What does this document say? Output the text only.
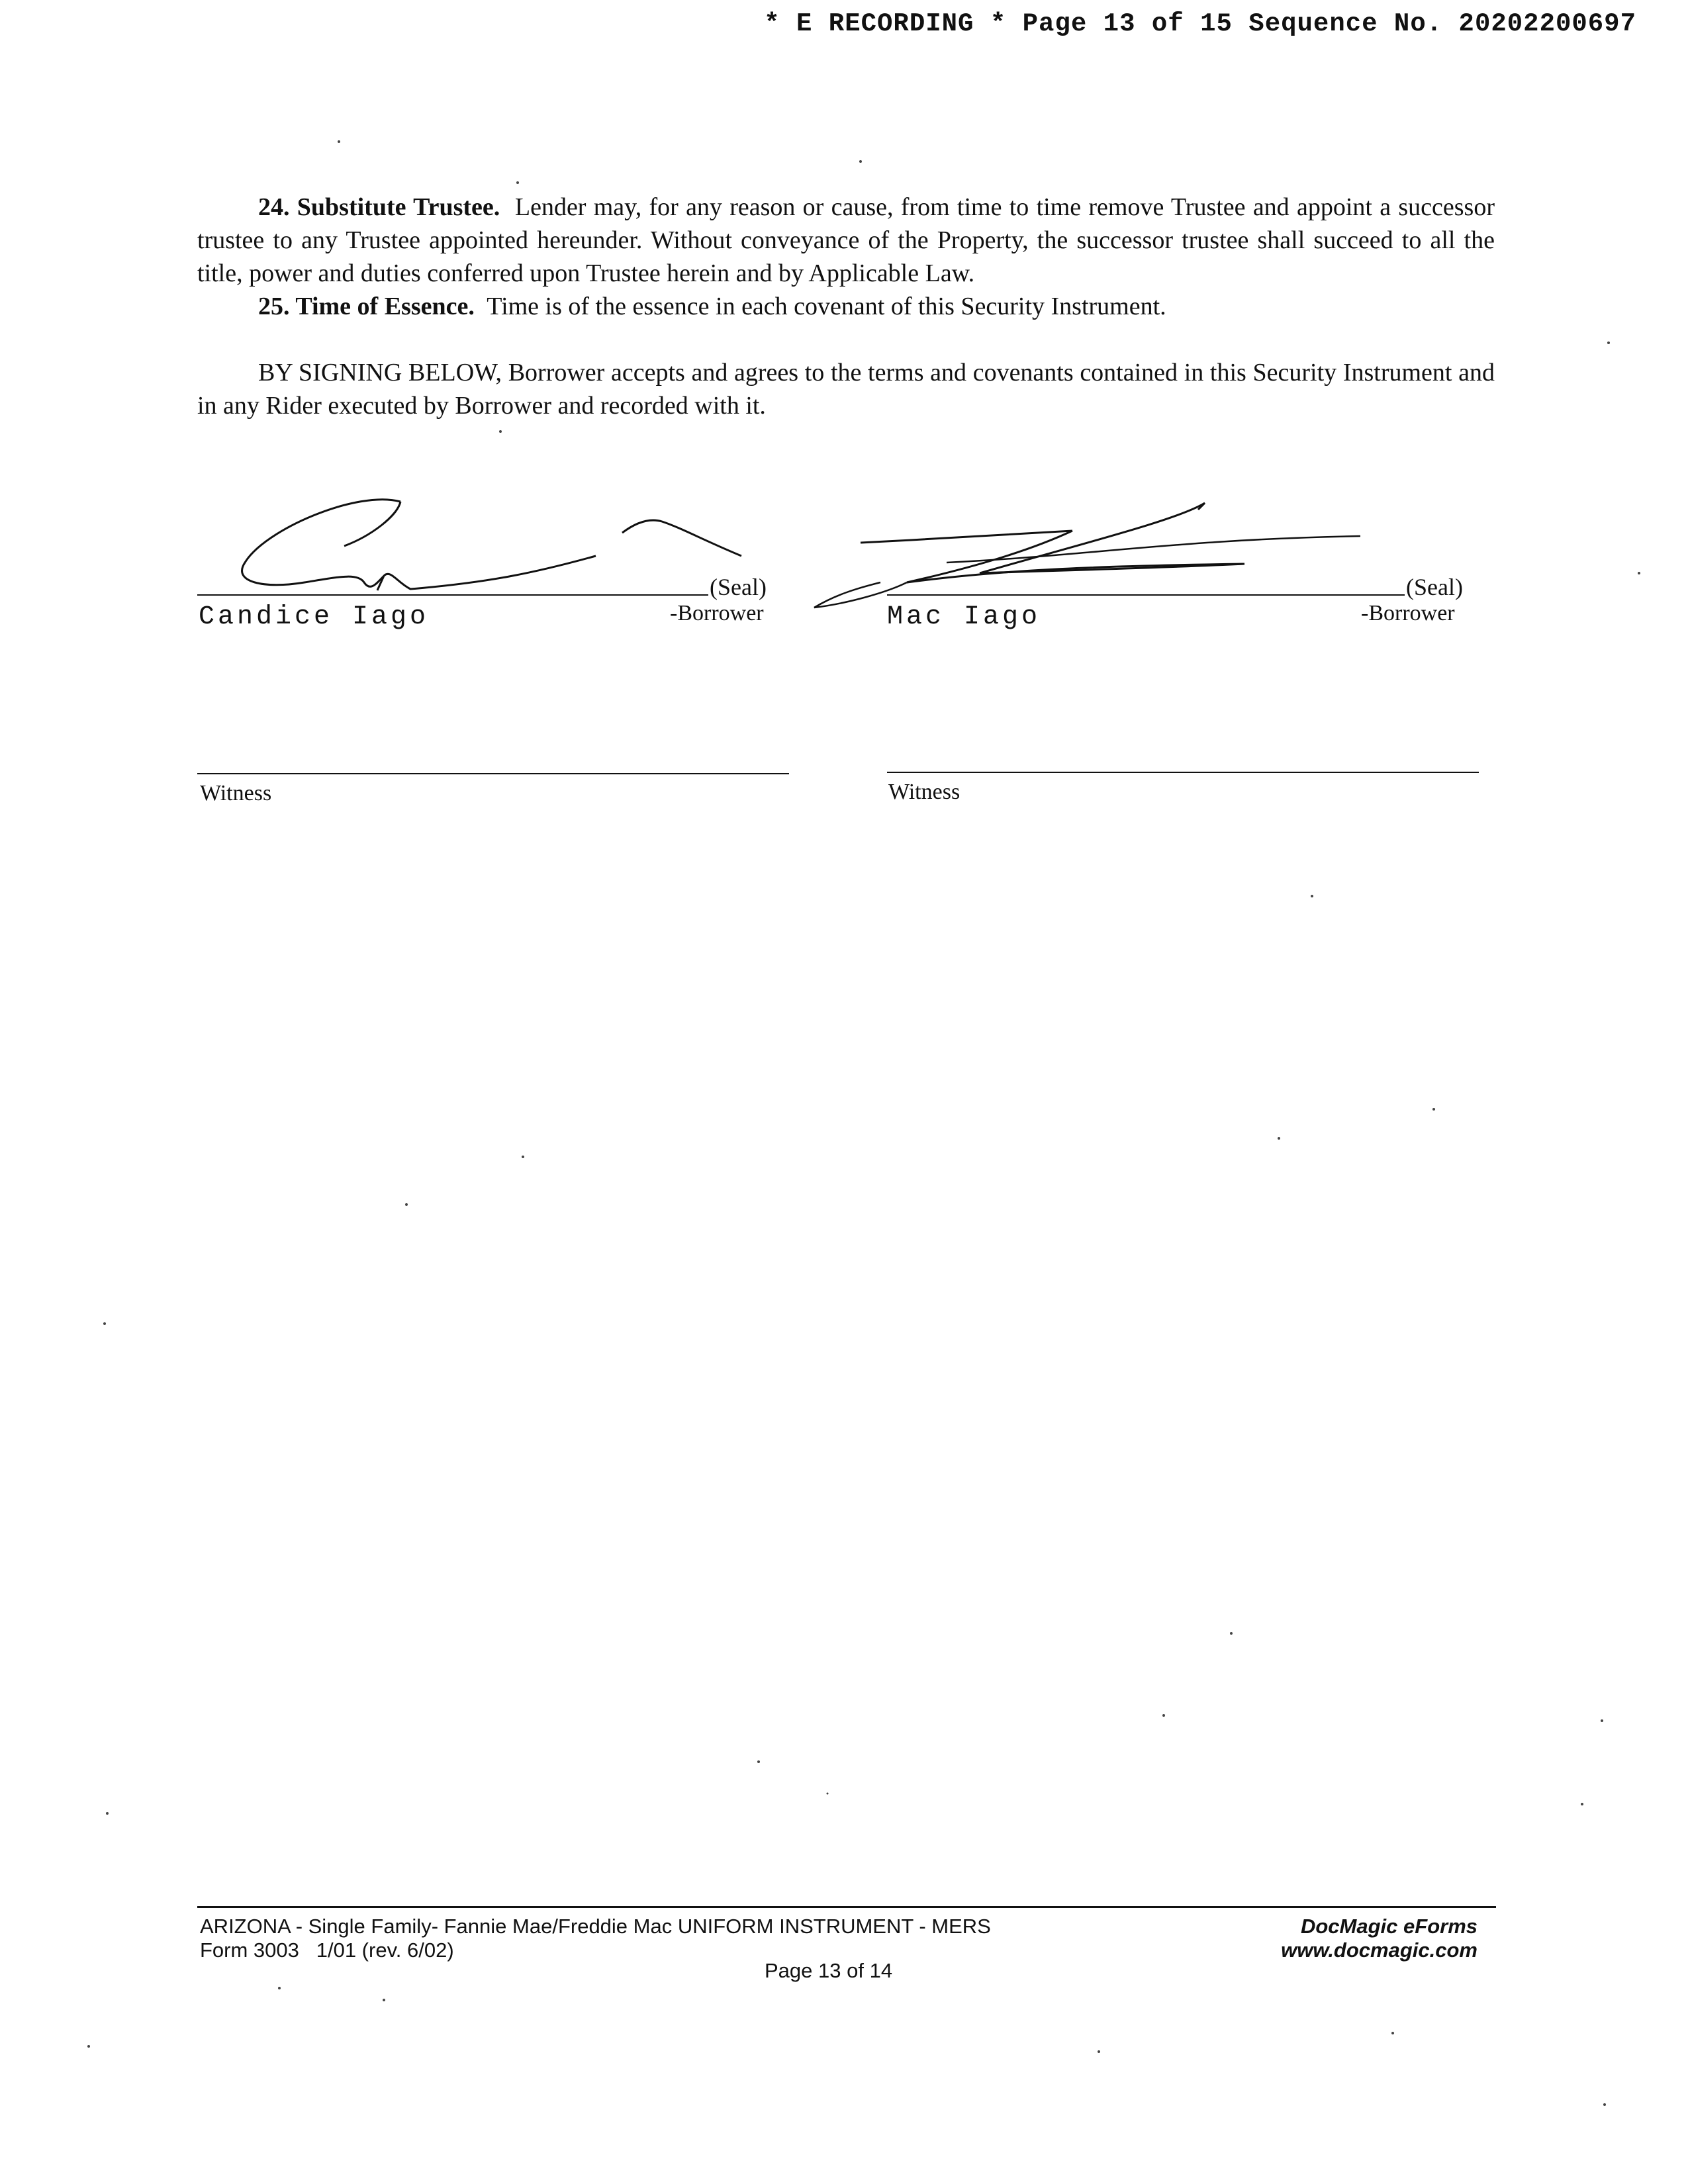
* E RECORDING * Page 13 of 15 Sequence No. 20202200697

24. Substitute Trustee. Lender may, for any reason or cause, from time to time remove Trustee and appoint a successor trustee to any Trustee appointed hereunder. Without conveyance of the Property, the successor trustee shall succeed to all the title, power and duties conferred upon Trustee herein and by Applicable Law.

25. Time of Essence. Time is of the essence in each covenant of this Security Instrument.

BY SIGNING BELOW, Borrower accepts and agrees to the terms and covenants contained in this Security Instrument and in any Rider executed by Borrower and recorded with it.

(Seal)
Candice Iago	-Borrower
(Seal)
Mac Iago	-Borrower
Witness	Witness
ARIZONA - Single Family- Fannie Mae/Freddie Mac UNIFORM INSTRUMENT - MERS
Form 3003   1/01 (rev. 6/02)
Page 13 of 14
DocMagic eForms
www.docmagic.com
